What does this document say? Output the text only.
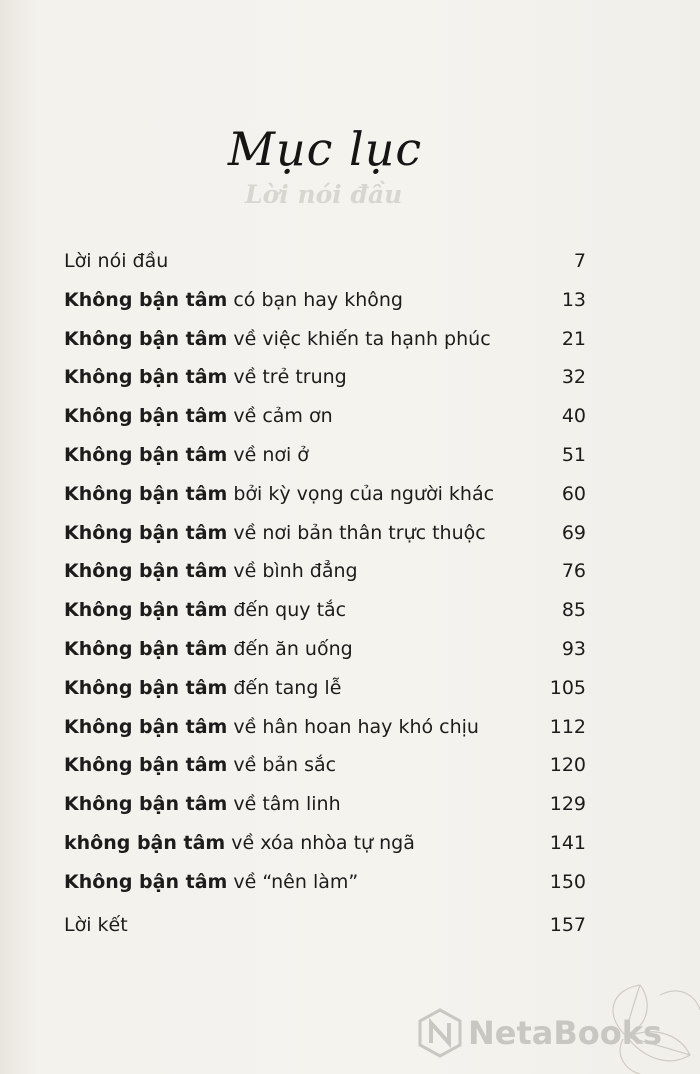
Lời nói đầu
Mục lục
Lời nói đầu	7
Không bận tâm có bạn hay không	13
Không bận tâm về việc khiến ta hạnh phúc	21
Không bận tâm về trẻ trung	32
Không bận tâm về cảm ơn	40
Không bận tâm về nơi ở	51
Không bận tâm bởi kỳ vọng của người khác	60
Không bận tâm về nơi bản thân trực thuộc	69
Không bận tâm về bình đẳng	76
Không bận tâm đến quy tắc	85
Không bận tâm đến ăn uống	93
Không bận tâm đến tang lễ	105
Không bận tâm về hân hoan hay khó chịu	112
Không bận tâm về bản sắc	120
Không bận tâm về tâm linh	129
không bận tâm về xóa nhòa tự ngã	141
Không bận tâm về “nên làm”	150
Lời kết	157
NetaBooks
